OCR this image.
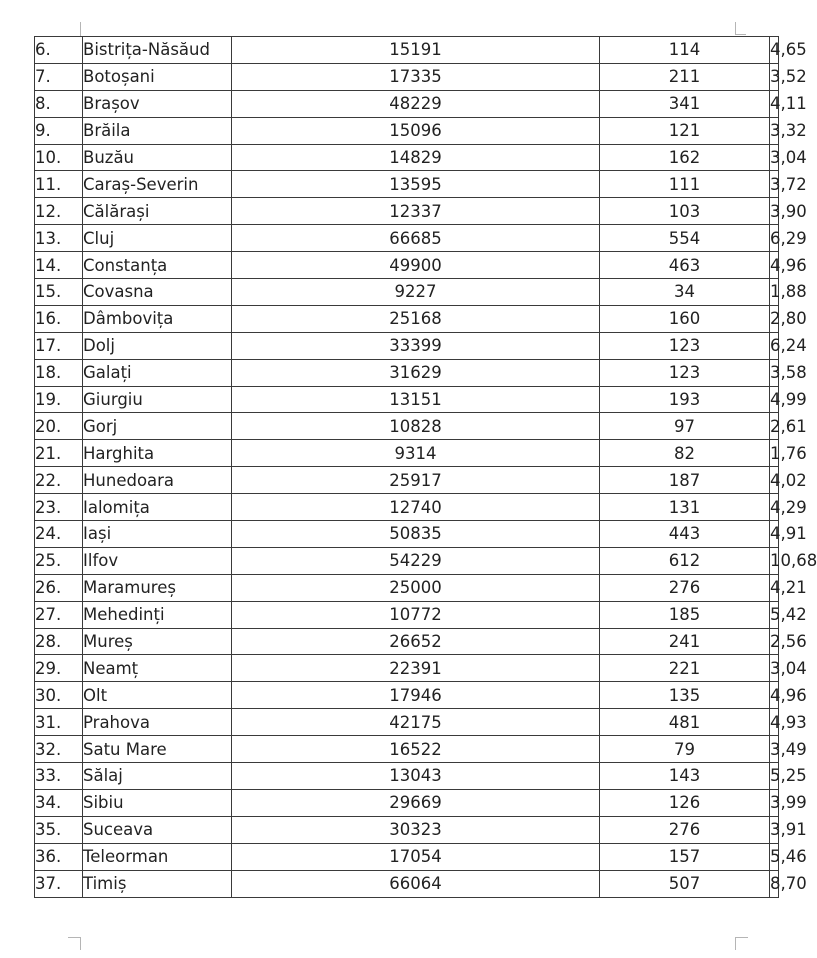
6.	Bistrița-Năsăud	15191	114	4,65
7.	Botoșani	17335	211	3,52
8.	Brașov	48229	341	4,11
9.	Brăila	15096	121	3,32
10.	Buzău	14829	162	3,04
11.	Caraș-Severin	13595	111	3,72
12.	Călărași	12337	103	3,90
13.	Cluj	66685	554	6,29
14.	Constanța	49900	463	4,96
15.	Covasna	9227	34	1,88
16.	Dâmbovița	25168	160	2,80
17.	Dolj	33399	123	6,24
18.	Galați	31629	123	3,58
19.	Giurgiu	13151	193	4,99
20.	Gorj	10828	97	2,61
21.	Harghita	9314	82	1,76
22.	Hunedoara	25917	187	4,02
23.	Ialomița	12740	131	4,29
24.	Iași	50835	443	4,91
25.	Ilfov	54229	612	10,68
26.	Maramureș	25000	276	4,21
27.	Mehedinți	10772	185	5,42
28.	Mureș	26652	241	2,56
29.	Neamț	22391	221	3,04
30.	Olt	17946	135	4,96
31.	Prahova	42175	481	4,93
32.	Satu Mare	16522	79	3,49
33.	Sălaj	13043	143	5,25
34.	Sibiu	29669	126	3,99
35.	Suceava	30323	276	3,91
36.	Teleorman	17054	157	5,46
37.	Timiș	66064	507	8,70
